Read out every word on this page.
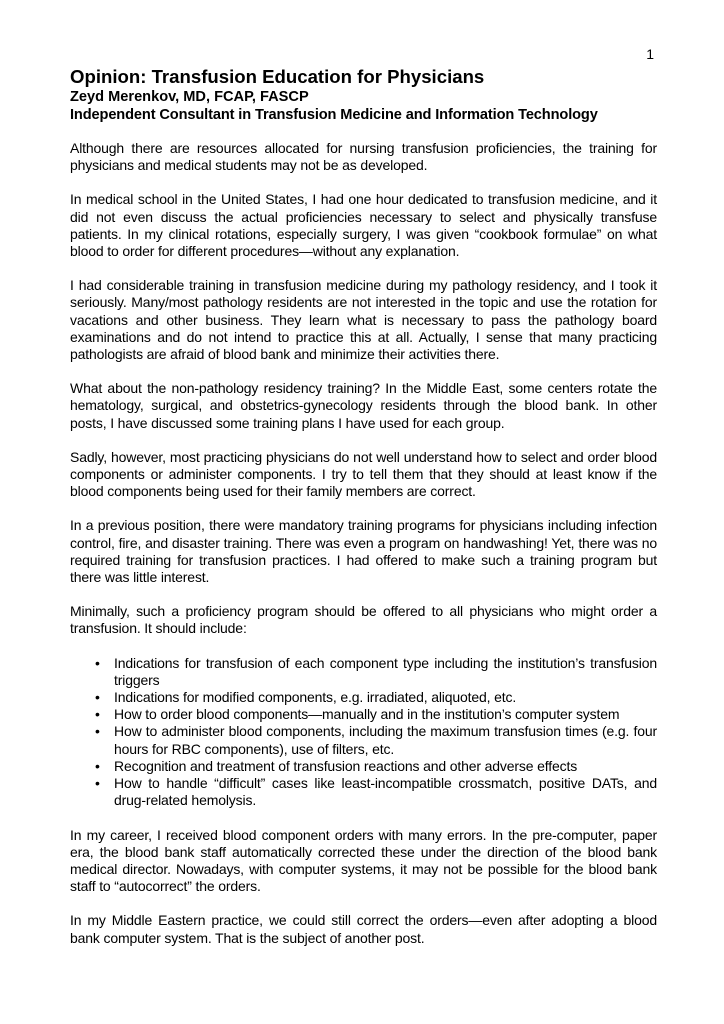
1
Opinion: Transfusion Education for Physicians
Zeyd Merenkov, MD, FCAP, FASCP
Independent Consultant in Transfusion Medicine and Information Technology

Although there are resources allocated for nursing transfusion proficiencies, the training for physicians and medical students may not be as developed.

In medical school in the United States, I had one hour dedicated to transfusion medicine, and it did not even discuss the actual proficiencies necessary to select and physically transfuse patients. In my clinical rotations, especially surgery, I was given “cookbook formulae” on what blood to order for different procedures—without any explanation.

I had considerable training in transfusion medicine during my pathology residency, and I took it seriously. Many/most pathology residents are not interested in the topic and use the rotation for vacations and other business. They learn what is necessary to pass the pathology board examinations and do not intend to practice this at all. Actually, I sense that many practicing pathologists are afraid of blood bank and minimize their activities there.

What about the non-pathology residency training? In the Middle East, some centers rotate the hematology, surgical, and obstetrics-gynecology residents through the blood bank. In other posts, I have discussed some training plans I have used for each group.

Sadly, however, most practicing physicians do not well understand how to select and order blood components or administer components. I try to tell them that they should at least know if the blood components being used for their family members are correct.

In a previous position, there were mandatory training programs for physicians including infection control, fire, and disaster training. There was even a program on handwashing! Yet, there was no required training for transfusion practices. I had offered to make such a training program but there was little interest.

Minimally, such a proficiency program should be offered to all physicians who might order a transfusion. It should include:

• Indications for transfusion of each component type including the institution’s transfusion triggers
• Indications for modified components, e.g. irradiated, aliquoted, etc.
• How to order blood components—manually and in the institution’s computer system
• How to administer blood components, including the maximum transfusion times (e.g. four hours for RBC components), use of filters, etc.
• Recognition and treatment of transfusion reactions and other adverse effects
• How to handle “difficult” cases like least-incompatible crossmatch, positive DATs, and drug-related hemolysis.

In my career, I received blood component orders with many errors. In the pre-computer, paper era, the blood bank staff automatically corrected these under the direction of the blood bank medical director. Nowadays, with computer systems, it may not be possible for the blood bank staff to “autocorrect” the orders.

In my Middle Eastern practice, we could still correct the orders—even after adopting a blood bank computer system. That is the subject of another post.
